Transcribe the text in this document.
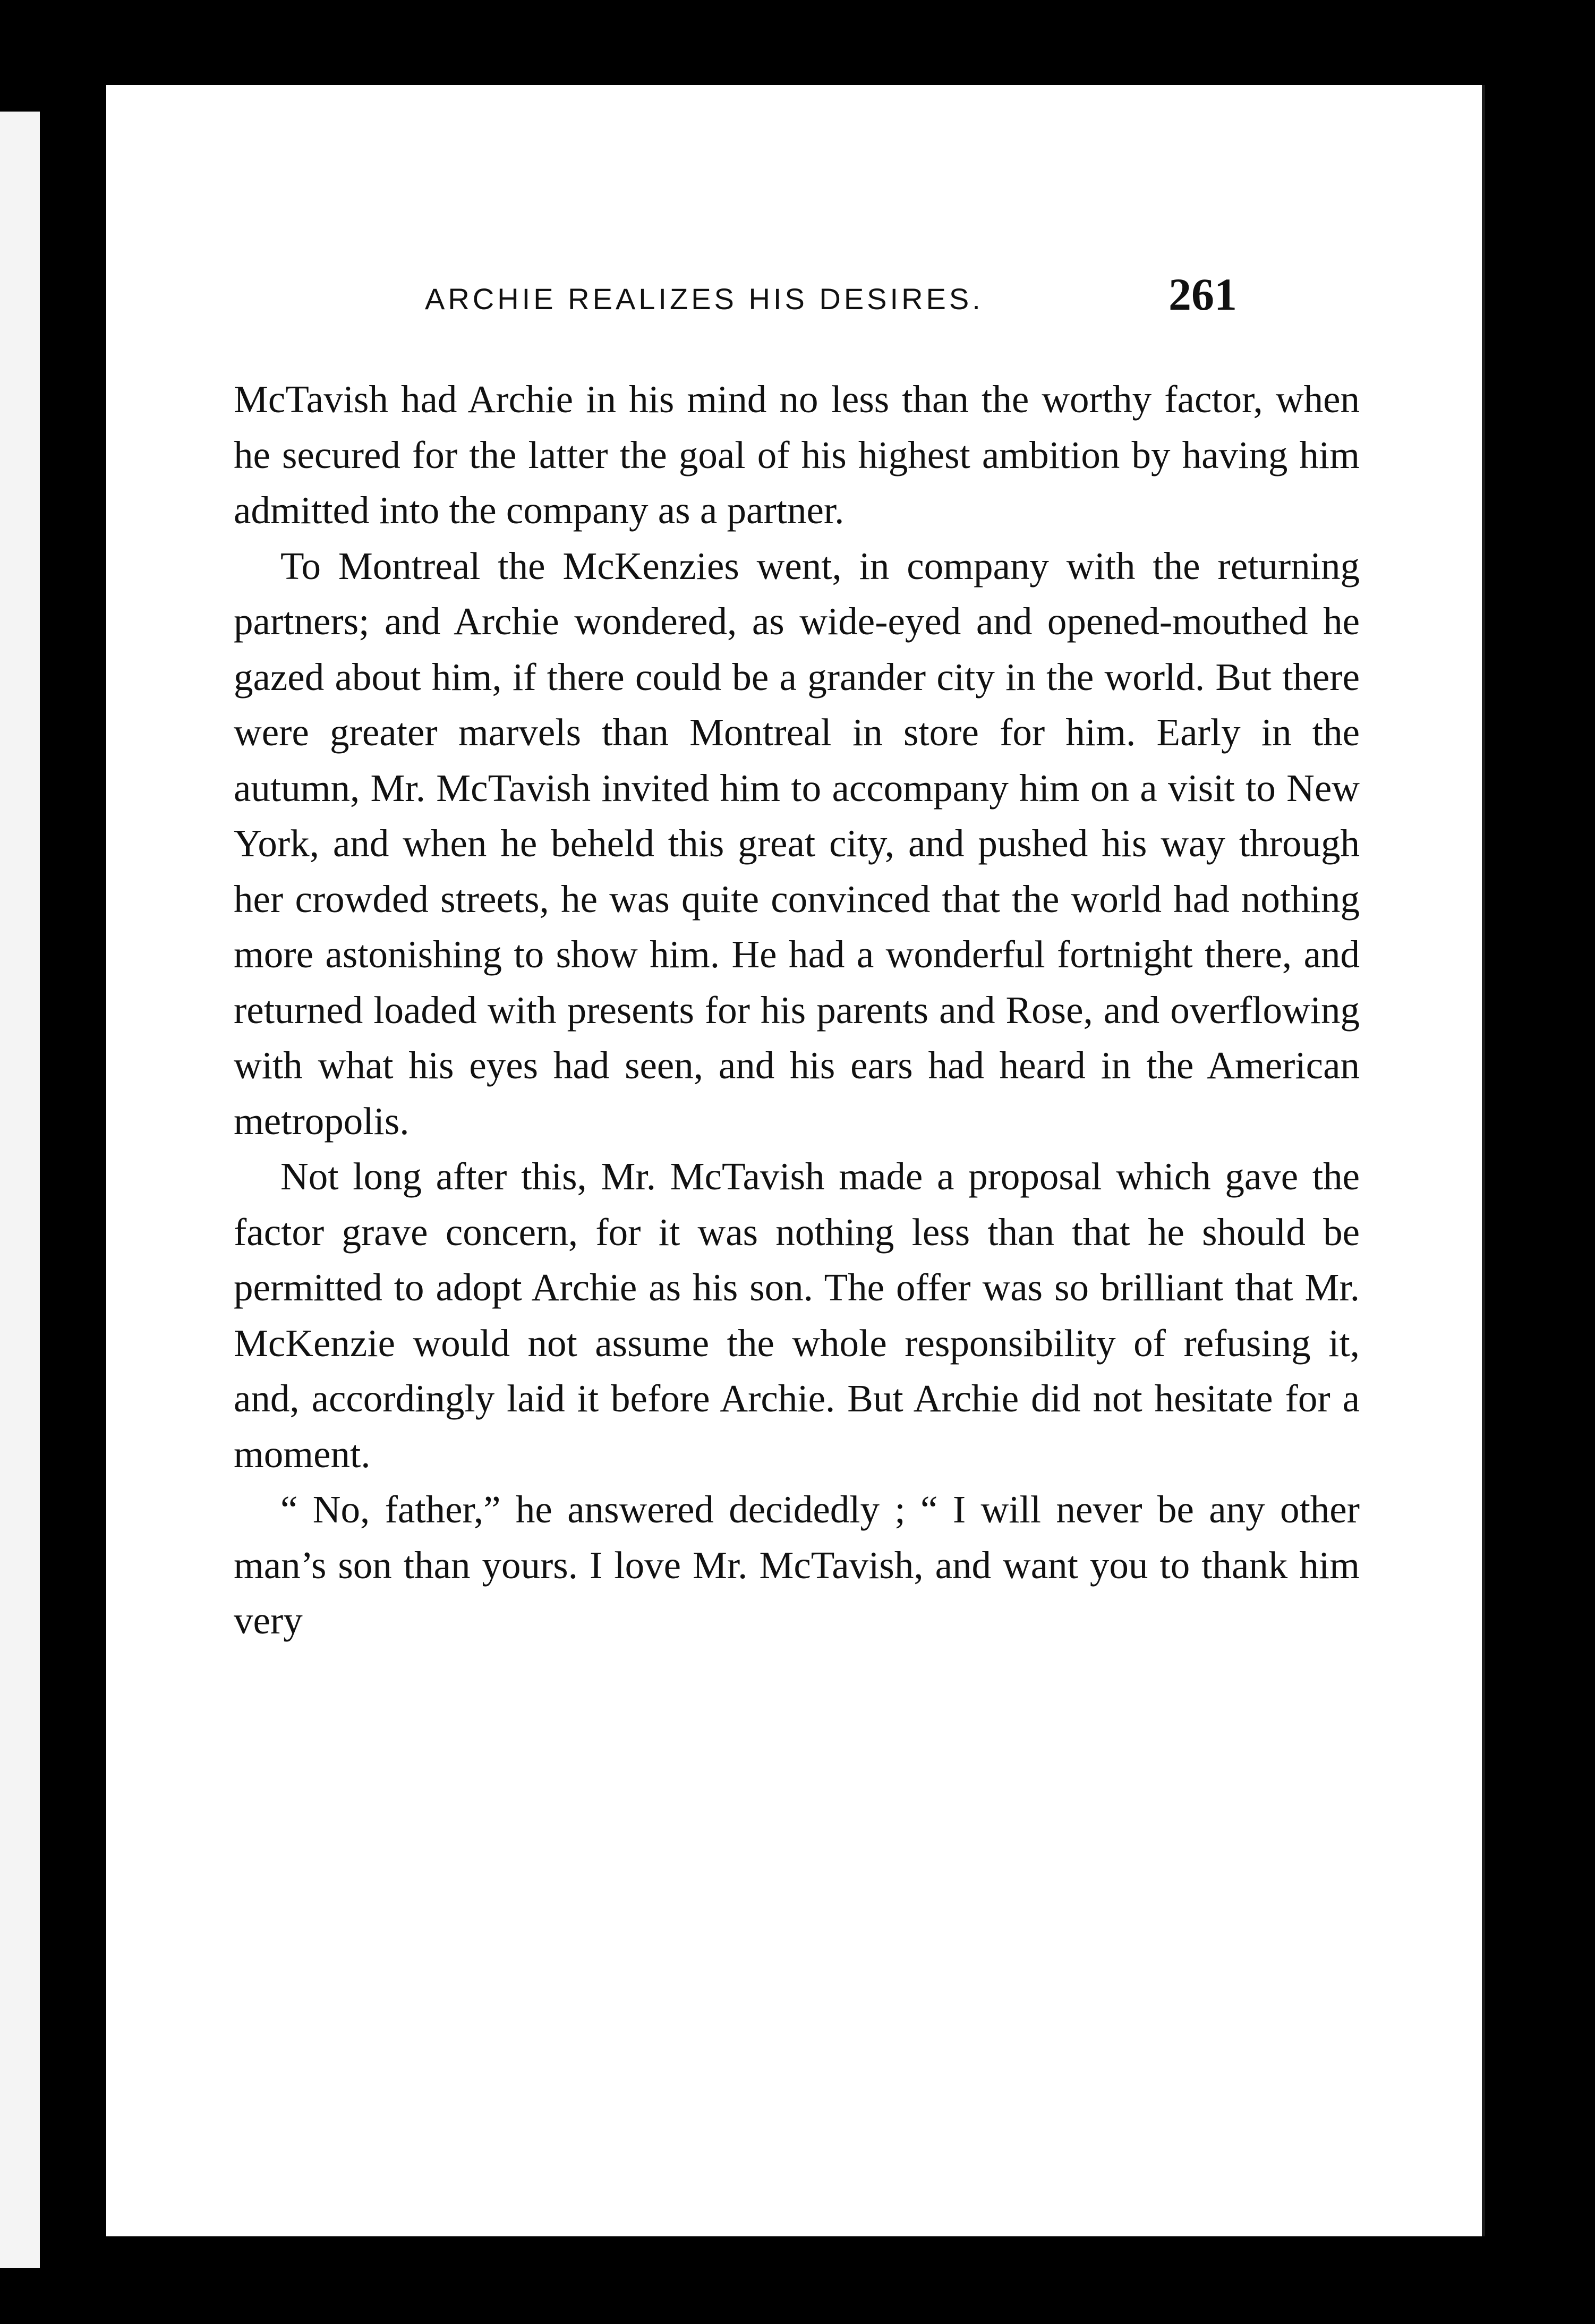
ARCHIE REALIZES HIS DESIRES.	261

McTavish had Archie in his mind no less than the worthy factor, when he secured for the latter the goal of his highest ambition by having him admitted into the company as a partner.

To Montreal the McKenzies went, in company with the returning partners; and Archie wondered, as wide-eyed and opened-mouthed he gazed about him, if there could be a grander city in the world. But there were greater marvels than Montreal in store for him. Early in the autumn, Mr. McTavish invited him to accompany him on a visit to New York, and when he beheld this great city, and pushed his way through her crowded streets, he was quite convinced that the world had nothing more astonishing to show him. He had a wonderful fortnight there, and returned loaded with presents for his parents and Rose, and overflowing with what his eyes had seen, and his ears had heard in the American metropolis.

Not long after this, Mr. McTavish made a proposal which gave the factor grave concern, for it was nothing less than that he should be permitted to adopt Archie as his son. The offer was so brilliant that Mr. McKenzie would not assume the whole responsibility of refusing it, and, accordingly laid it before Archie. But Archie did not hesitate for a moment.

“ No, father,” he answered decidedly ; “ I will never be any other man’s son than yours. I love Mr. McTavish, and want you to thank him very
